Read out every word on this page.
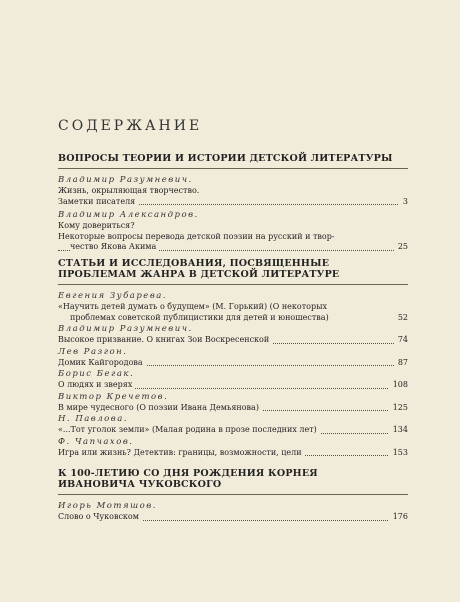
СОДЕРЖАНИЕ
ВОПРОСЫ ТЕОРИИ И ИСТОРИИ ДЕТСКОЙ ЛИТЕРАТУРЫ
Владимир Разумневич.
Жизнь, окрыляющая творчество.
Заметки писателя	3
Владимир Александров.
Кому довериться?
Некоторые вопросы перевода детской поэзии на русский и твор-
чество Якова Акима	25
СТАТЬИ И ИССЛЕДОВАНИЯ, ПОСВЯЩЕННЫЕ ПРОБЛЕМАМ ЖАНРА В ДЕТСКОЙ ЛИТЕРАТУРЕ
Евгения Зубарева.
«Научить детей думать о будущем» (М. Горький) (О некоторых
проблемах советской публицистики для детей и юношества)	52
Владимир Разумневич.
Высокое призвание. О книгах Зои Воскресенской	74
Лев Разгон.
Домик Кайгородова	87
Борис Бегак.
О людях и зверях	108
Виктор Кречетов.
В мире чудесного (О поэзии Ивана Демьянова)	125
Н. Павлова.
«...Тот уголок земли» (Малая родина в прозе последних лет)	134
Ф. Чапчахов.
Игра или жизнь? Детектив: границы, возможности, цели	153
К 100-ЛЕТИЮ СО ДНЯ РОЖДЕНИЯ КОРНЕЯ ИВАНОВИЧА ЧУКОВСКОГО
Игорь Мотяшов.
Слово о Чуковском	176
